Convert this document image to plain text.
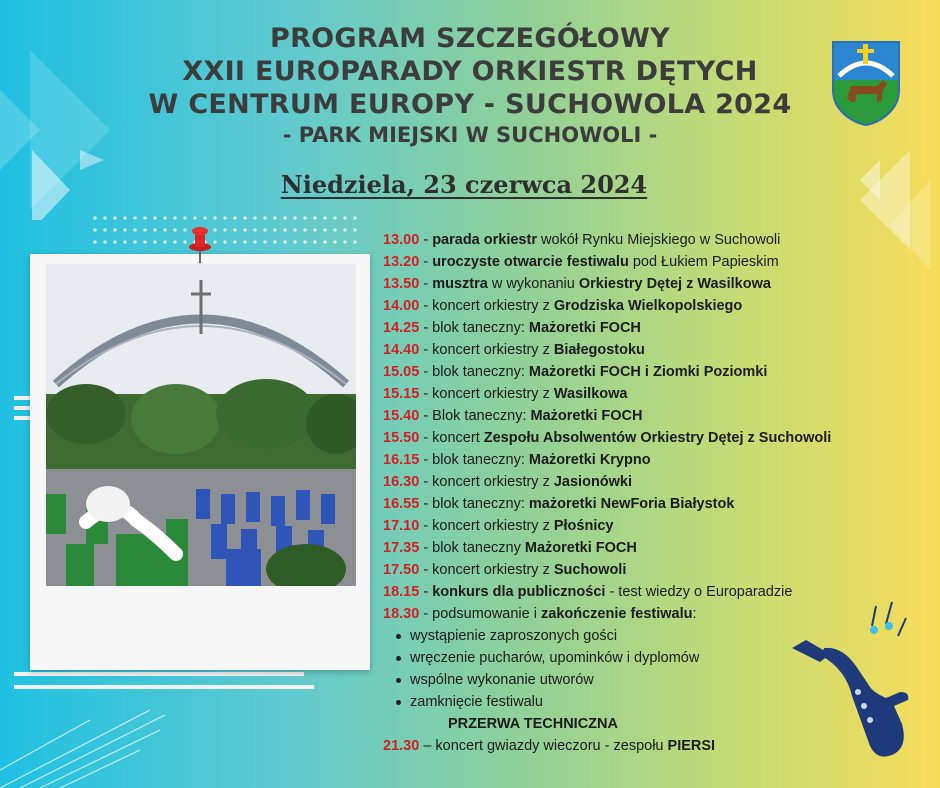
PROGRAM SZCZEGÓŁOWY
XXII EUROPARADY ORKIESTR DĘTYCH
W CENTRUM EUROPY - SUCHOWOLA 2024
- PARK MIEJSKI W SUCHOWOLI -
Niedziela, 23 czerwca 2024
13.00 - parada orkiestr wokół Rynku Miejskiego w Suchowoli
13.20 - uroczyste otwarcie festiwalu pod Łukiem Papieskim
13.50 - musztra w wykonaniu Orkiestry Dętej z Wasilkowa
14.00 - koncert orkiestry z Grodziska Wielkopolskiego
14.25 - blok taneczny: Mażoretki FOCH
14.40 - koncert orkiestry z Białegostoku
15.05 - blok taneczny: Mażoretki FOCH i Ziomki Poziomki
15.15 - koncert orkiestry z Wasilkowa
15.40 - Blok taneczny: Mażoretki FOCH
15.50 - koncert Zespołu Absolwentów Orkiestry Dętej z Suchowoli
16.15 - blok taneczny: Mażoretki Krypno
16.30 - koncert orkiestry z Jasionówki
16.55 - blok taneczny: mażoretki NewForia Białystok
17.10 - koncert orkiestry z Płośnicy
17.35 - blok taneczny Mażoretki FOCH
17.50 - koncert orkiestry z Suchowoli
18.15 - konkurs dla publiczności - test wiedzy o Europaradzie
18.30 - podsumowanie i zakończenie festiwalu:
wystąpienie zaproszonych gości
wręczenie pucharów, upominków i dyplomów
wspólne wykonanie utworów
zamknięcie festiwalu
PRZERWA TECHNICZNA
21.30 – koncert gwiazdy wieczoru - zespołu PIERSI
